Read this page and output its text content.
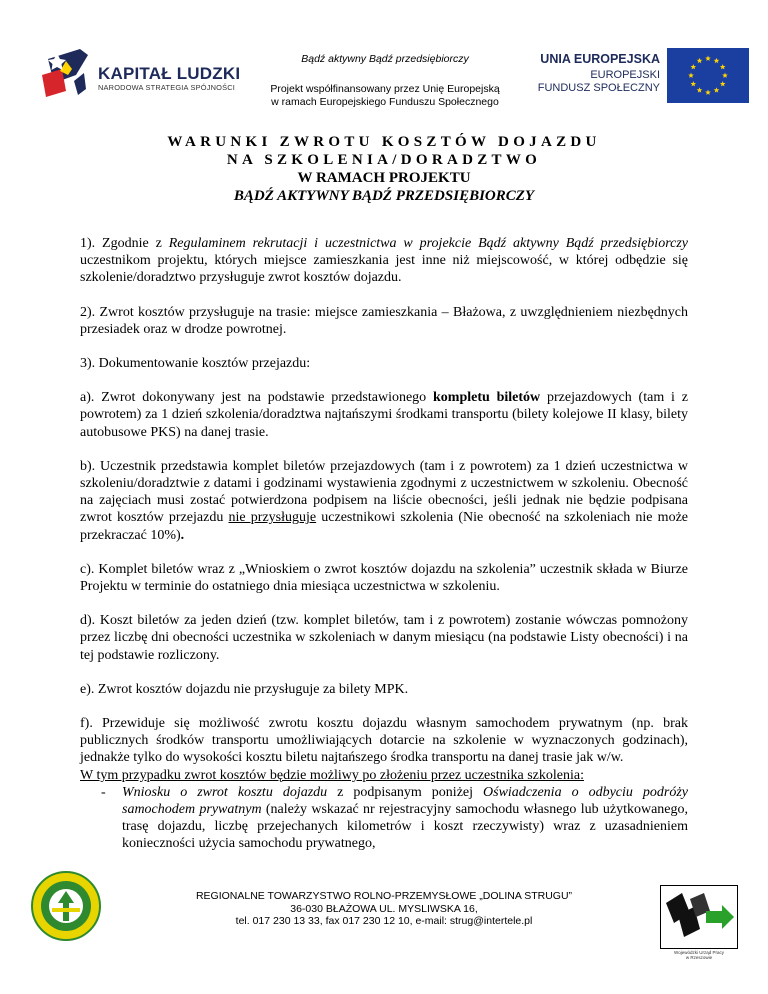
KAPITAŁ LUDZKI
NARODOWA STRATEGIA SPÓJNOŚCI
Bądź aktywny Bądź przedsiębiorczy
Projekt współfinansowany przez Unię Europejską
w ramach Europejskiego Funduszu Społecznego
UNIA EUROPEJSKA
EUROPEJSKI
FUNDUSZ SPOŁECZNY
WARUNKI ZWROTU KOSZTÓW DOJAZDU
NA SZKOLENIA/DORADZTWO
W RAMACH PROJEKTU
BĄDŹ AKTYWNY BĄDŹ PRZEDSIĘBIORCZY

1). Zgodnie z Regulaminem rekrutacji i uczestnictwa w projekcie Bądź aktywny Bądź przedsiębiorczy uczestnikom projektu, których miejsce zamieszkania jest inne niż miejscowość, w której odbędzie się szkolenie/doradztwo przysługuje zwrot kosztów dojazdu.

2). Zwrot kosztów przysługuje na trasie: miejsce zamieszkania – Błażowa, z uwzględnieniem niezbędnych przesiadek oraz w drodze powrotnej.

3). Dokumentowanie kosztów przejazdu:

a). Zwrot dokonywany jest na podstawie przedstawionego kompletu biletów przejazdowych (tam i z powrotem) za 1 dzień szkolenia/doradztwa najtańszymi środkami transportu (bilety kolejowe II klasy, bilety autobusowe PKS) na danej trasie.

b). Uczestnik przedstawia komplet biletów przejazdowych (tam i z powrotem) za 1 dzień uczestnictwa w szkoleniu/doradztwie z datami i godzinami wystawienia zgodnymi z uczestnictwem w szkoleniu. Obecność na zajęciach musi zostać potwierdzona podpisem na liście obecności, jeśli jednak nie będzie podpisana zwrot kosztów przejazdu nie przysługuje uczestnikowi szkolenia (Nie obecność na szkoleniach nie może przekraczać 10%).

c). Komplet biletów wraz z „Wnioskiem o zwrot kosztów dojazdu na szkolenia” uczestnik składa w Biurze Projektu w terminie do ostatniego dnia miesiąca uczestnictwa w szkoleniu.

d). Koszt biletów za jeden dzień (tzw. komplet biletów, tam i z powrotem) zostanie wówczas pomnożony przez liczbę dni obecności uczestnika w szkoleniach w danym miesiącu (na podstawie Listy obecności) i na tej podstawie rozliczony.

e). Zwrot kosztów dojazdu nie przysługuje za bilety MPK.

f). Przewiduje się możliwość zwrotu kosztu dojazdu własnym samochodem prywatnym (np. brak publicznych środków transportu umożliwiających dotarcie na szkolenie w wyznaczonych godzinach), jednakże tylko do wysokości kosztu biletu najtańszego środka transportu na danej trasie jak w/w.

W tym przypadku zwrot kosztów będzie możliwy po złożeniu przez uczestnika szkolenia:

- Wniosku o zwrot kosztu dojazdu z podpisanym poniżej Oświadczenia o odbyciu podróży samochodem prywatnym (należy wskazać nr rejestracyjny samochodu własnego lub użytkowanego, trasę dojazdu, liczbę przejechanych kilometrów i koszt rzeczywisty) wraz z uzasadnieniem konieczności użycia samochodu prywatnego,

REGIONALNE TOWARZYSTWO ROLNO-PRZEMYSŁOWE „DOLINA STRUGU”
36-030 BŁAŻOWA UL. MYSLIWSKA 16,
tel. 017 230 13 33, fax 017 230 12 10, e-mail: strug@intertele.pl
Wojewódzki Urząd Pracy
w Rzeszowie
